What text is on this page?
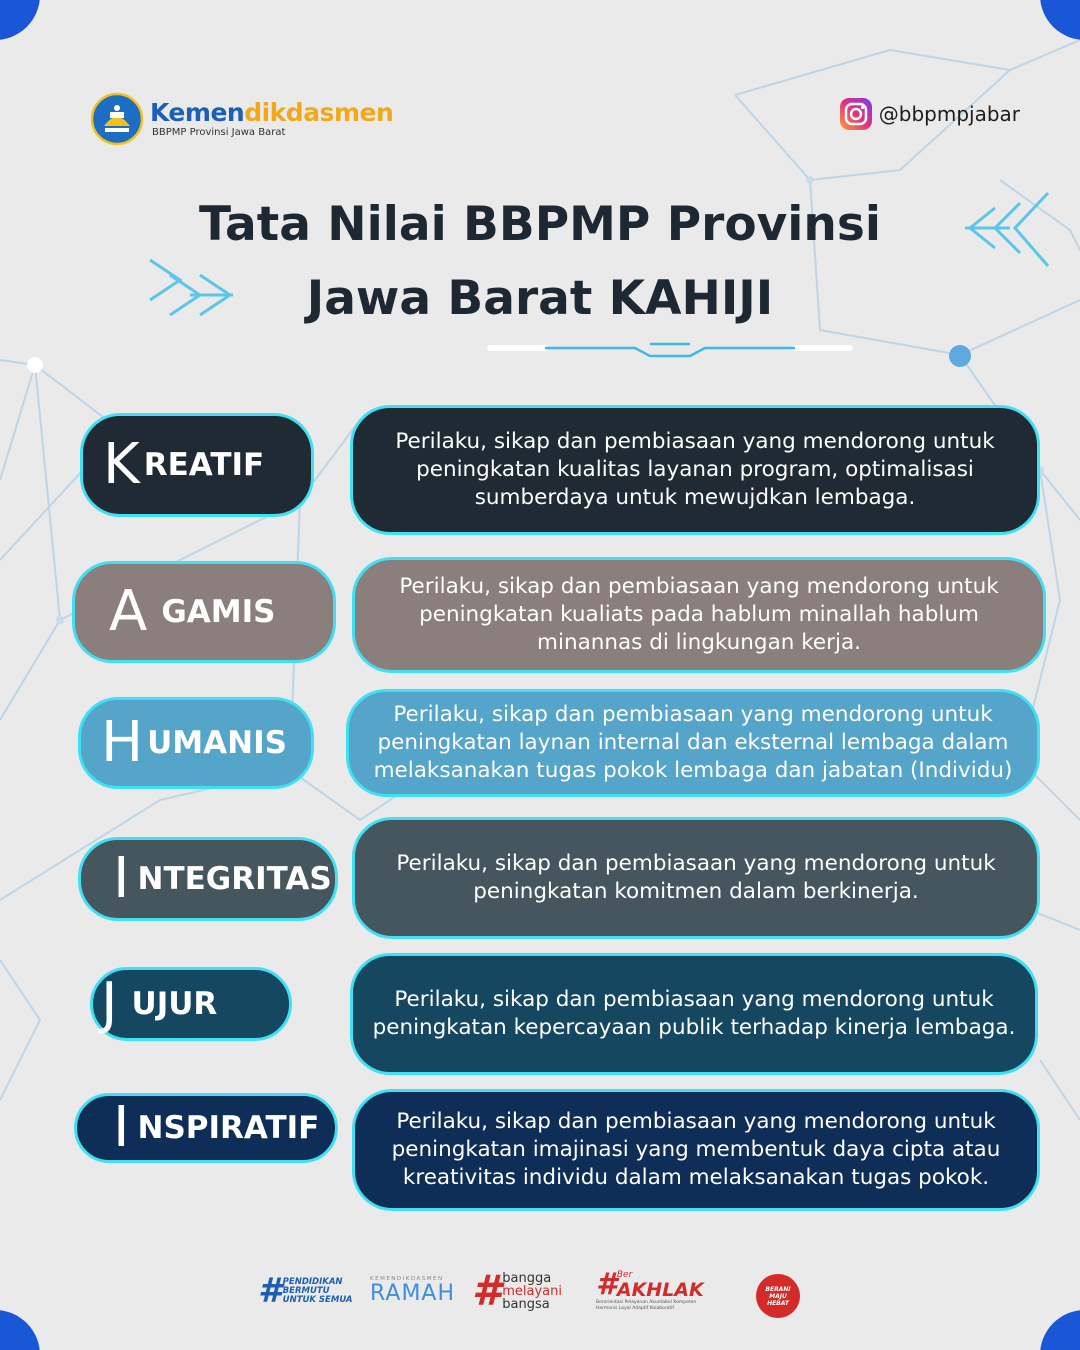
Kemendikdasmen
BBPMP Provinsi Jawa Barat
@bbpmpjabar
Tata Nilai BBPMP Provinsi
Jawa Barat KAHIJI
K REATIF
Perilaku, sikap dan pembiasaan yang mendorong untuk peningkatan kualitas layanan program, optimalisasi sumberdaya untuk mewujdkan lembaga.
A GAMIS
Perilaku, sikap dan pembiasaan yang mendorong untuk peningkatan kualiats pada hablum minallah hablum minannas di lingkungan kerja.
H UMANIS
Perilaku, sikap dan pembiasaan yang mendorong untuk peningkatan laynan internal dan eksternal lembaga dalam melaksanakan tugas pokok lembaga dan jabatan (Individu)
I NTEGRITAS	Perilaku, sikap dan pembiasaan yang mendorong untuk peningkatan komitmen dalam berkinerja.
J UJUR	Perilaku, sikap dan pembiasaan yang mendorong untuk peningkatan kepercayaan publik terhadap kinerja lembaga.
I NSPIRATIF	Perilaku, sikap dan pembiasaan yang mendorong untuk peningkatan imajinasi yang membentuk daya cipta atau kreativitas individu dalam melaksanakan tugas pokok.
# PENDIDIKAN
BERMUTU
UNTUK SEMUA
KEMENDIKDASMEN
RAMAH # bangga
melayani
bangsa
# Ber
AKHLAK
Berorientasi Pelayanan Akuntabel Kompeten
Harmonis Loyal Adaptif Kolaboratif
BERANI
MAJU
HEBAT
